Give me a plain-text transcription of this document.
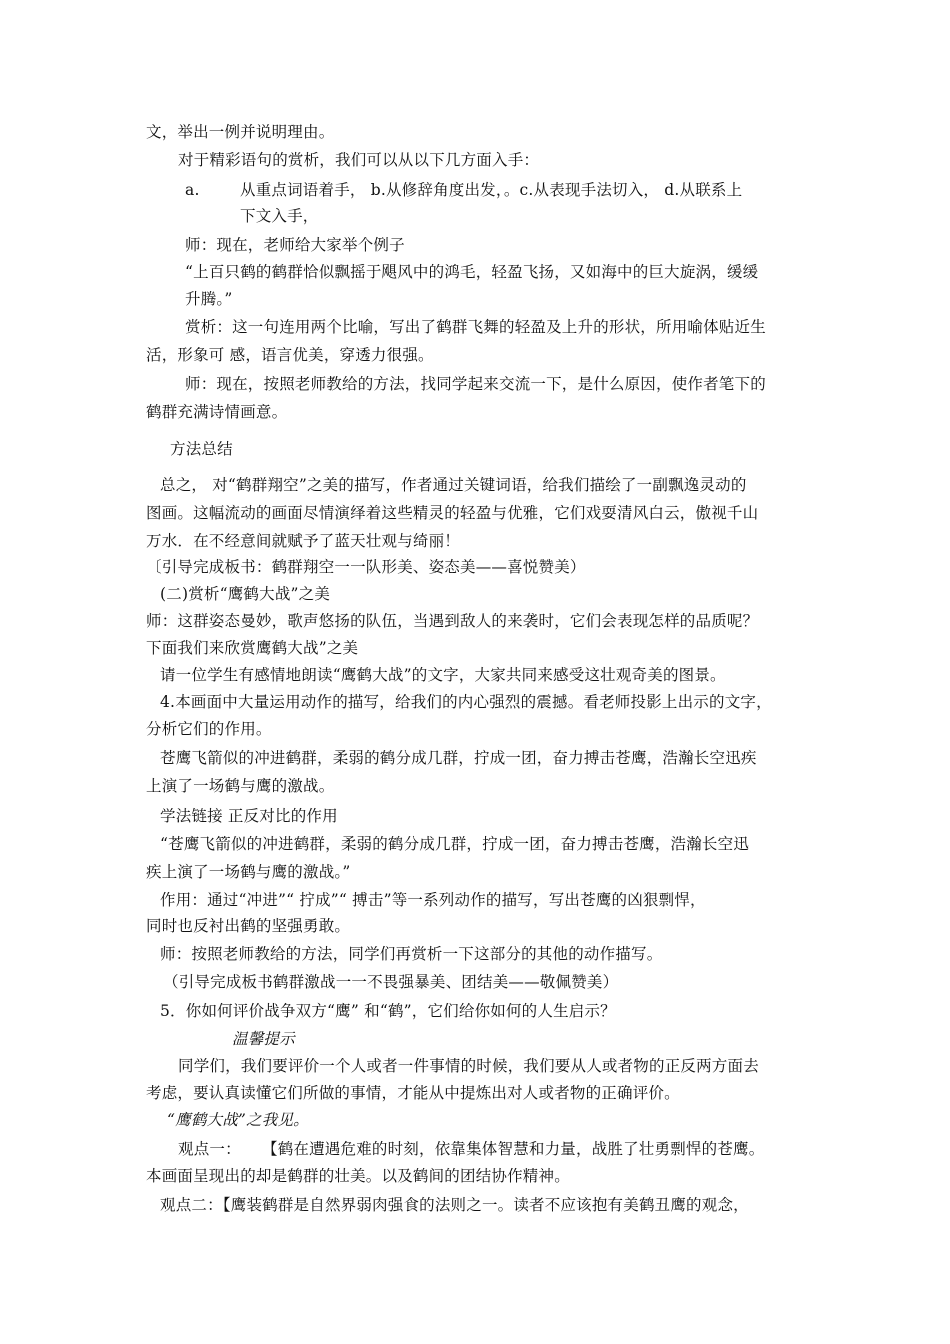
文，举出一例并说明理由。
对于精彩语句的赏析，我们可以从以下几方面入手：
a.	从重点词语着手， b.从修辞角度出发，。c.从表现手法切入， d.从联系上
下文入手，
师：现在，老师给大家举个例子
“上百只鹤的鹤群恰似飘摇于飓风中的鸿毛，轻盈飞扬，又如海中的巨大旋涡，缓缓
升腾。”
赏析：这一句连用两个比喻，写出了鹤群飞舞的轻盈及上升的形状，所用喻体贴近生
活，形象可 感，语言优美，穿透力很强。
师：现在，按照老师教给的方法，找同学起来交流一下，是什么原因，使作者笔下的
鹤群充满诗情画意。
方法总结
总之， 对“鹤群翔空”之美的描写，作者通过关键词语，给我们描绘了一副飘逸灵动的
图画。这幅流动的画面尽情演绎着这些精灵的轻盈与优雅，它们戏耍清风白云，傲视千山
万水．在不经意间就赋予了蓝天壮观与绮丽！
〔引导完成板书：鹤群翔空一一队形美、姿态美——喜悦赞美）
(二)赏析“鹰鹤大战”之美
师：这群姿态曼妙，歌声悠扬的队伍，当遇到敌人的来袭时，它们会表现怎样的品质呢？
下面我们来欣赏鹰鹤大战”之美
请一位学生有感情地朗读“鹰鹤大战”的文字，大家共同来感受这壮观奇美的图景。
4.本画面中大量运用动作的描写，给我们的内心强烈的震撼。看老师投影上出示的文字，
分析它们的作用。
苍鹰飞箭似的冲进鹤群，柔弱的鹤分成几群，拧成一团，奋力搏击苍鹰，浩瀚长空迅疾
上演了一场鹤与鹰的激战。
学法链接 正反对比的作用
“苍鹰飞箭似的冲进鹤群，柔弱的鹤分成几群，拧成一团，奋力搏击苍鹰，浩瀚长空迅
疾上演了一场鹤与鹰的激战。”
作用：通过“冲进”“ 拧成”“ 搏击”等一系列动作的描写，写出苍鹰的凶狠剽悍，
同时也反衬出鹤的坚强勇敢。
师：按照老师教给的方法，同学们再赏析一下这部分的其他的动作描写。
（引导完成板书鹤群激战一一不畏强暴美、团结美——敬佩赞美）
5．你如何评价战争双方“鹰” 和“鹤”，它们给你如何的人生启示？
温馨提示
同学们，我们要评价一个人或者一件事情的时候，我们要从人或者物的正反两方面去
考虑，要认真读懂它们所做的事情，才能从中提炼出对人或者物的正确评价。
“鹰鹤大战”之我见。
观点一： 【鹤在遭遇危难的时刻，依靠集体智慧和力量，战胜了壮勇剽悍的苍鹰。
本画面呈现出的却是鹤群的壮美。以及鹤间的团结协作精神。
观点二：【鹰装鹤群是自然界弱肉强食的法则之一。读者不应该抱有美鹤丑鹰的观念，
